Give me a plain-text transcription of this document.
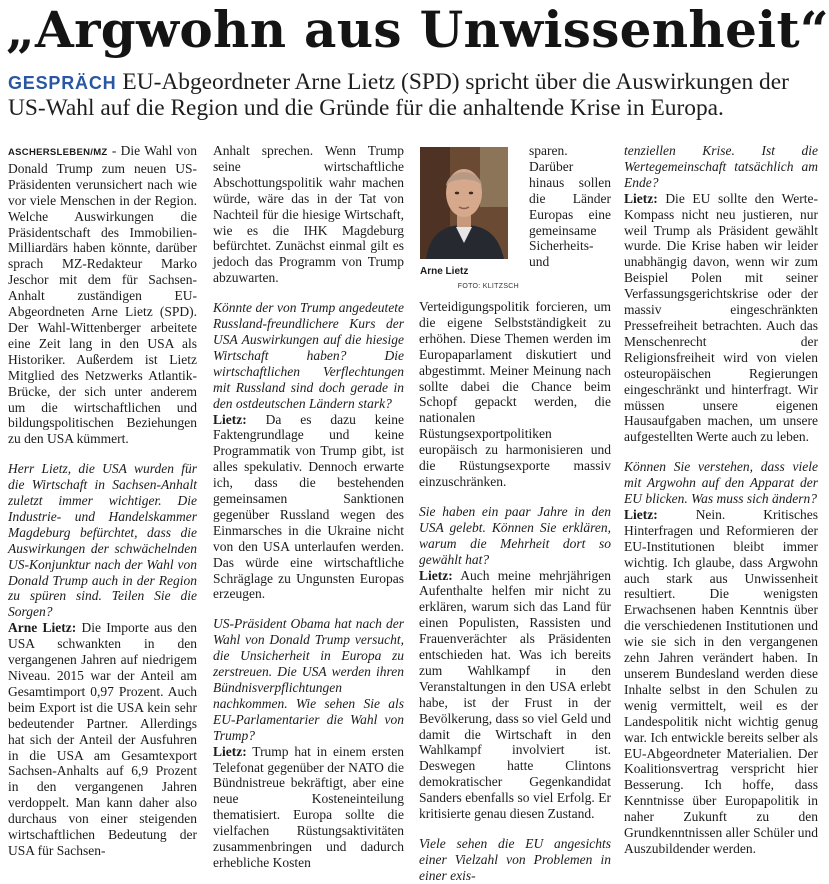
„Argwohn aus Unwissenheit“
GESPRÄCH EU-Abgeordneter Arne Lietz (SPD) spricht über die Auswirkungen der US-Wahl auf die Region und die Gründe für die anhaltende Krise in Europa.

ASCHERSLEBEN/MZ - Die Wahl von Donald Trump zum neuen US-Präsidenten verunsichert nach wie vor viele Menschen in der Region. Welche Auswirkungen die Präsidentschaft des Immobilien-Milliardärs haben könnte, darüber sprach MZ-Redakteur Marko Jeschor mit dem für Sachsen-Anhalt zuständigen EU-Abgeordneten Arne Lietz (SPD). Der Wahl-Wittenberger arbeitete eine Zeit lang in den USA als Historiker. Außerdem ist Lietz Mitglied des Netzwerks Atlantik-Brücke, der sich unter anderem um die wirtschaftlichen und bildungspolitischen Beziehungen zu den USA kümmert.

Herr Lietz, die USA wurden für die Wirtschaft in Sachsen-Anhalt zuletzt immer wichtiger. Die Industrie- und Handelskammer Magdeburg befürchtet, dass die Auswirkungen der schwächelnden US-Konjunktur nach der Wahl von Donald Trump auch in der Region zu spüren sind. Teilen Sie die Sorgen?

Arne Lietz: Die Importe aus den USA schwankten in den vergangenen Jahren auf niedrigem Niveau. 2015 war der Anteil am Gesamtimport 0,97 Prozent. Auch beim Export ist die USA kein sehr bedeutender Partner. Allerdings hat sich der Anteil der Ausfuhren in die USA am Gesamtexport Sachsen-Anhalts auf 6,9 Prozent in den vergangenen Jahren verdoppelt. Man kann daher also durchaus von einer steigenden wirtschaftlichen Bedeutung der USA für Sachsen-

Anhalt sprechen. Wenn Trump seine wirtschaftliche Abschottungspolitik wahr machen würde, wäre das in der Tat von Nachteil für die hiesige Wirtschaft, wie es die IHK Magdeburg befürchtet. Zunächst einmal gilt es jedoch das Programm von Trump abzuwarten.

Könnte der von Trump angedeutete Russland-freundlichere Kurs der USA Auswirkungen auf die hiesige Wirtschaft haben? Die wirtschaftlichen Verflechtungen mit Russland sind doch gerade in den ostdeutschen Ländern stark?

Lietz: Da es dazu keine Faktengrundlage und keine Programmatik von Trump gibt, ist alles spekulativ. Dennoch erwarte ich, dass die bestehenden gemeinsamen Sanktionen gegenüber Russland wegen des Einmarsches in die Ukraine nicht von den USA unterlaufen werden. Das würde eine wirtschaftliche Schräglage zu Ungunsten Europas erzeugen.

US-Präsident Obama hat nach der Wahl von Donald Trump versucht, die Unsicherheit in Europa zu zerstreuen. Die USA werden ihren Bündnisverpflichtungen nachkommen. Wie sehen Sie als EU-Parlamentarier die Wahl von Trump?

Lietz: Trump hat in einem ersten Telefonat gegenüber der NATO die Bündnistreue bekräftigt, aber eine neue Kosteneinteilung thematisiert. Europa sollte die vielfachen Rüstungsaktivitäten zusammenbringen und dadurch erhebliche Kosten

Arne Lietz
FOTO: KLITZSCH

sparen. Darüber hinaus sollen die Länder Europas eine gemeinsame Sicherheits- und Verteidigungspolitik forcieren, um die eigene Selbstständigkeit zu erhöhen. Diese Themen werden im Europaparlament diskutiert und abgestimmt. Meiner Meinung nach sollte dabei die Chance beim Schopf gepackt werden, die nationalen Rüstungsexportpolitiken europäisch zu harmonisieren und die Rüstungsexporte massiv einzuschränken.

Sie haben ein paar Jahre in den USA gelebt. Können Sie erklären, warum die Mehrheit dort so gewählt hat?

Lietz: Auch meine mehrjährigen Aufenthalte helfen mir nicht zu erklären, warum sich das Land für einen Populisten, Rassisten und Frauenverächter als Präsidenten entschieden hat. Was ich bereits zum Wahlkampf in den Veranstaltungen in den USA erlebt habe, ist der Frust in der Bevölkerung, dass so viel Geld und damit die Wirtschaft in den Wahlkampf involviert ist. Deswegen hatte Clintons demokratischer Gegenkandidat Sanders ebenfalls so viel Erfolg. Er kritisierte genau diesen Zustand.

Viele sehen die EU angesichts einer Vielzahl von Problemen in einer exis-

tenziellen Krise. Ist die Wertegemeinschaft tatsächlich am Ende?

Lietz: Die EU sollte den Werte-Kompass nicht neu justieren, nur weil Trump als Präsident gewählt wurde. Die Krise haben wir leider unabhängig davon, wenn wir zum Beispiel Polen mit seiner Verfassungsgerichtskrise oder der massiv eingeschränkten Pressefreiheit betrachten. Auch das Menschenrecht der Religionsfreiheit wird von vielen osteuropäischen Regierungen eingeschränkt und hinterfragt. Wir müssen unsere eigenen Hausaufgaben machen, um unsere aufgestellten Werte auch zu leben.

Können Sie verstehen, dass viele mit Argwohn auf den Apparat der EU blicken. Was muss sich ändern?

Lietz: Nein. Kritisches Hinterfragen und Reformieren der EU-Institutionen bleibt immer wichtig. Ich glaube, dass Argwohn auch stark aus Unwissenheit resultiert. Die wenigsten Erwachsenen haben Kenntnis über die verschiedenen Institutionen und wie sie sich in den vergangenen zehn Jahren verändert haben. In unserem Bundesland werden diese Inhalte selbst in den Schulen zu wenig vermittelt, weil es der Landespolitik nicht wichtig genug war. Ich entwickle bereits selber als EU-Abgeordneter Materialien. Der Koalitionsvertrag verspricht hier Besserung. Ich hoffe, dass Kenntnisse über Europapolitik in naher Zukunft zu den Grundkenntnissen aller Schüler und Auszubildender werden.
